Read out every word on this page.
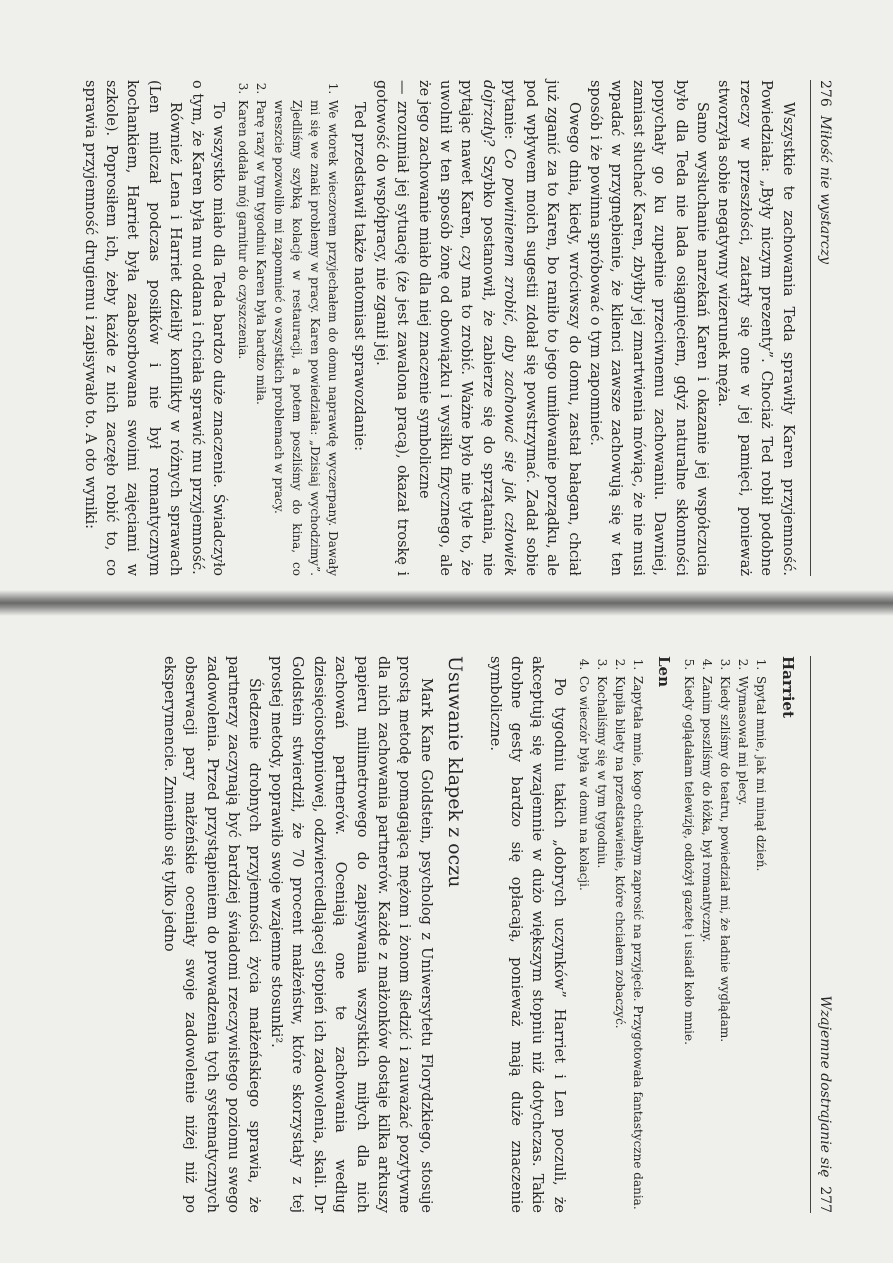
276  Miłość nie wystarczy

Wszystkie te zachowania Teda sprawiły Karen przyjemność. Powiedziała: „Były niczym prezenty”. Chociaż Ted robił podobne rzeczy w przeszłości, zatarły się one w jej pamięci, ponieważ stworzyła sobie negatywny wizerunek męża.

Samo wysłuchanie narzekań Karen i okazanie jej współczucia było dla Teda nie lada osiągnięciem, gdyż naturalne skłonności popychały go ku zupełnie przeciwnemu zachowaniu. Dawniej, zamiast słuchać Karen, zbyłby jej zmartwienia mówiąc, że nie musi wpadać w przygnębienie, że klienci zawsze zachowują się w ten sposób i że powinna spróbować o tym zapomnieć.

Owego dnia, kiedy, wróciwszy do domu, zastał bałagan, chciał już zganić za to Karen, bo raniło to jego umiłowanie porządku, ale pod wpływem moich sugestii zdołał się powstrzymać. Zadał sobie pytanie: Co powinienem zrobić, aby zachować się jak człowiek dojrzały? Szybko postanowił, że zabierze się do sprzątania, nie pytając nawet Karen, czy ma to zrobić. Ważne było nie tyle to, że uwolnił w ten sposób żonę od obowiązku i wysiłku fizycznego, ale że jego zachowanie miało dla niej znaczenie symboliczne

— zrozumiał jej sytuację (że jest zawalona pracą), okazał troskę i gotowość do współpracy, nie zganił jej.

Ted przedstawił także natomiast sprawozdanie:

1. We wtorek wieczorem przyjechałem do domu naprawdę wyczerpany. Dawały mi się we znaki problemy w pracy. Karen powiedziała: „Dzisiaj wychodzimy”. Zjedliśmy szybką kolację w restauracji, a potem poszliśmy do kina, co wreszcie pozwoliło mi zapomnieć o wszystkich problemach w pracy.
2. Parę razy w tym tygodniu Karen była bardzo miła.
3. Karen oddała mój garnitur do czyszczenia.

To wszystko miało dla Teda bardzo duże znaczenie. Świadczyło o tym, że Karen była mu oddana i chciała sprawić mu przyjemność.

Również Lena i Harriet dzieliły konflikty w różnych sprawach (Len milczał podczas posiłków i nie był romantycznym kochankiem, Harriet była zaabsorbowana swoimi zajęciami w szkole). Poprosiłem ich, żeby każde z nich zaczęło robić to, co sprawia przyjemność drugiemu i zapisywało to. A oto wyniki:

Wzajemne dostrajanie się  277
Harriet
1. Spytał mnie, jak mi minął dzień.
2. Wymasował mi plecy.
3. Kiedy szliśmy do teatru, powiedział mi, że ładnie wyglądam.
4. Zanim poszliśmy do łóżka, był romantyczny.
5. Kiedy oglądałam telewizję, odłożył gazetę i usiadł koło mnie.
Len
1. Zapytała mnie, kogo chciałbym zaprosić na przyjęcie. Przygotowała fantastyczne dania.
2. Kupiła bilety na przedstawienie, które chciałem zobaczyć.
3. Kochaliśmy się w tym tygodniu.
4. Co wieczór była w domu na kolacji.

Po tygodniu takich „dobrych uczynków” Harriet i Len poczuli, że akceptują się wzajemnie w dużo większym stopniu niż dotychczas. Takie drobne gesty bardzo się opłacają, ponieważ mają duże znaczenie symboliczne.

Usuwanie klapek z oczu

Mark Kane Goldstein, psycholog z Uniwersytetu Florydzkiego, stosuje prostą metodę pomagającą mężom i żonom śledzić i zauważać pozytywne dla nich zachowania partnerów. Każde z małżonków dostaje kilka arkuszy papieru milimetrowego do zapisywania wszystkich miłych dla nich zachowań partnerów. Oceniają one te zachowania według dziesięciostopniowej, odzwierciedlającej stopień ich zadowolenia, skali. Dr Goldstein stwierdził, że 70 procent małżeństw, które skorzystały z tej prostej metody, poprawiło swoje wzajemne stosunki².

Śledzenie drobnych przyjemności życia małżeńskiego sprawia, że partnerzy zaczynają być bardziej świadomi rzeczywistego poziomu swego zadowolenia. Przed przystąpieniem do prowadzenia tych systematycznych obserwacji pary małżeńskie oceniały swoje zadowolenie niżej niż po eksperymencie. Zmieniło się tylko jedno
